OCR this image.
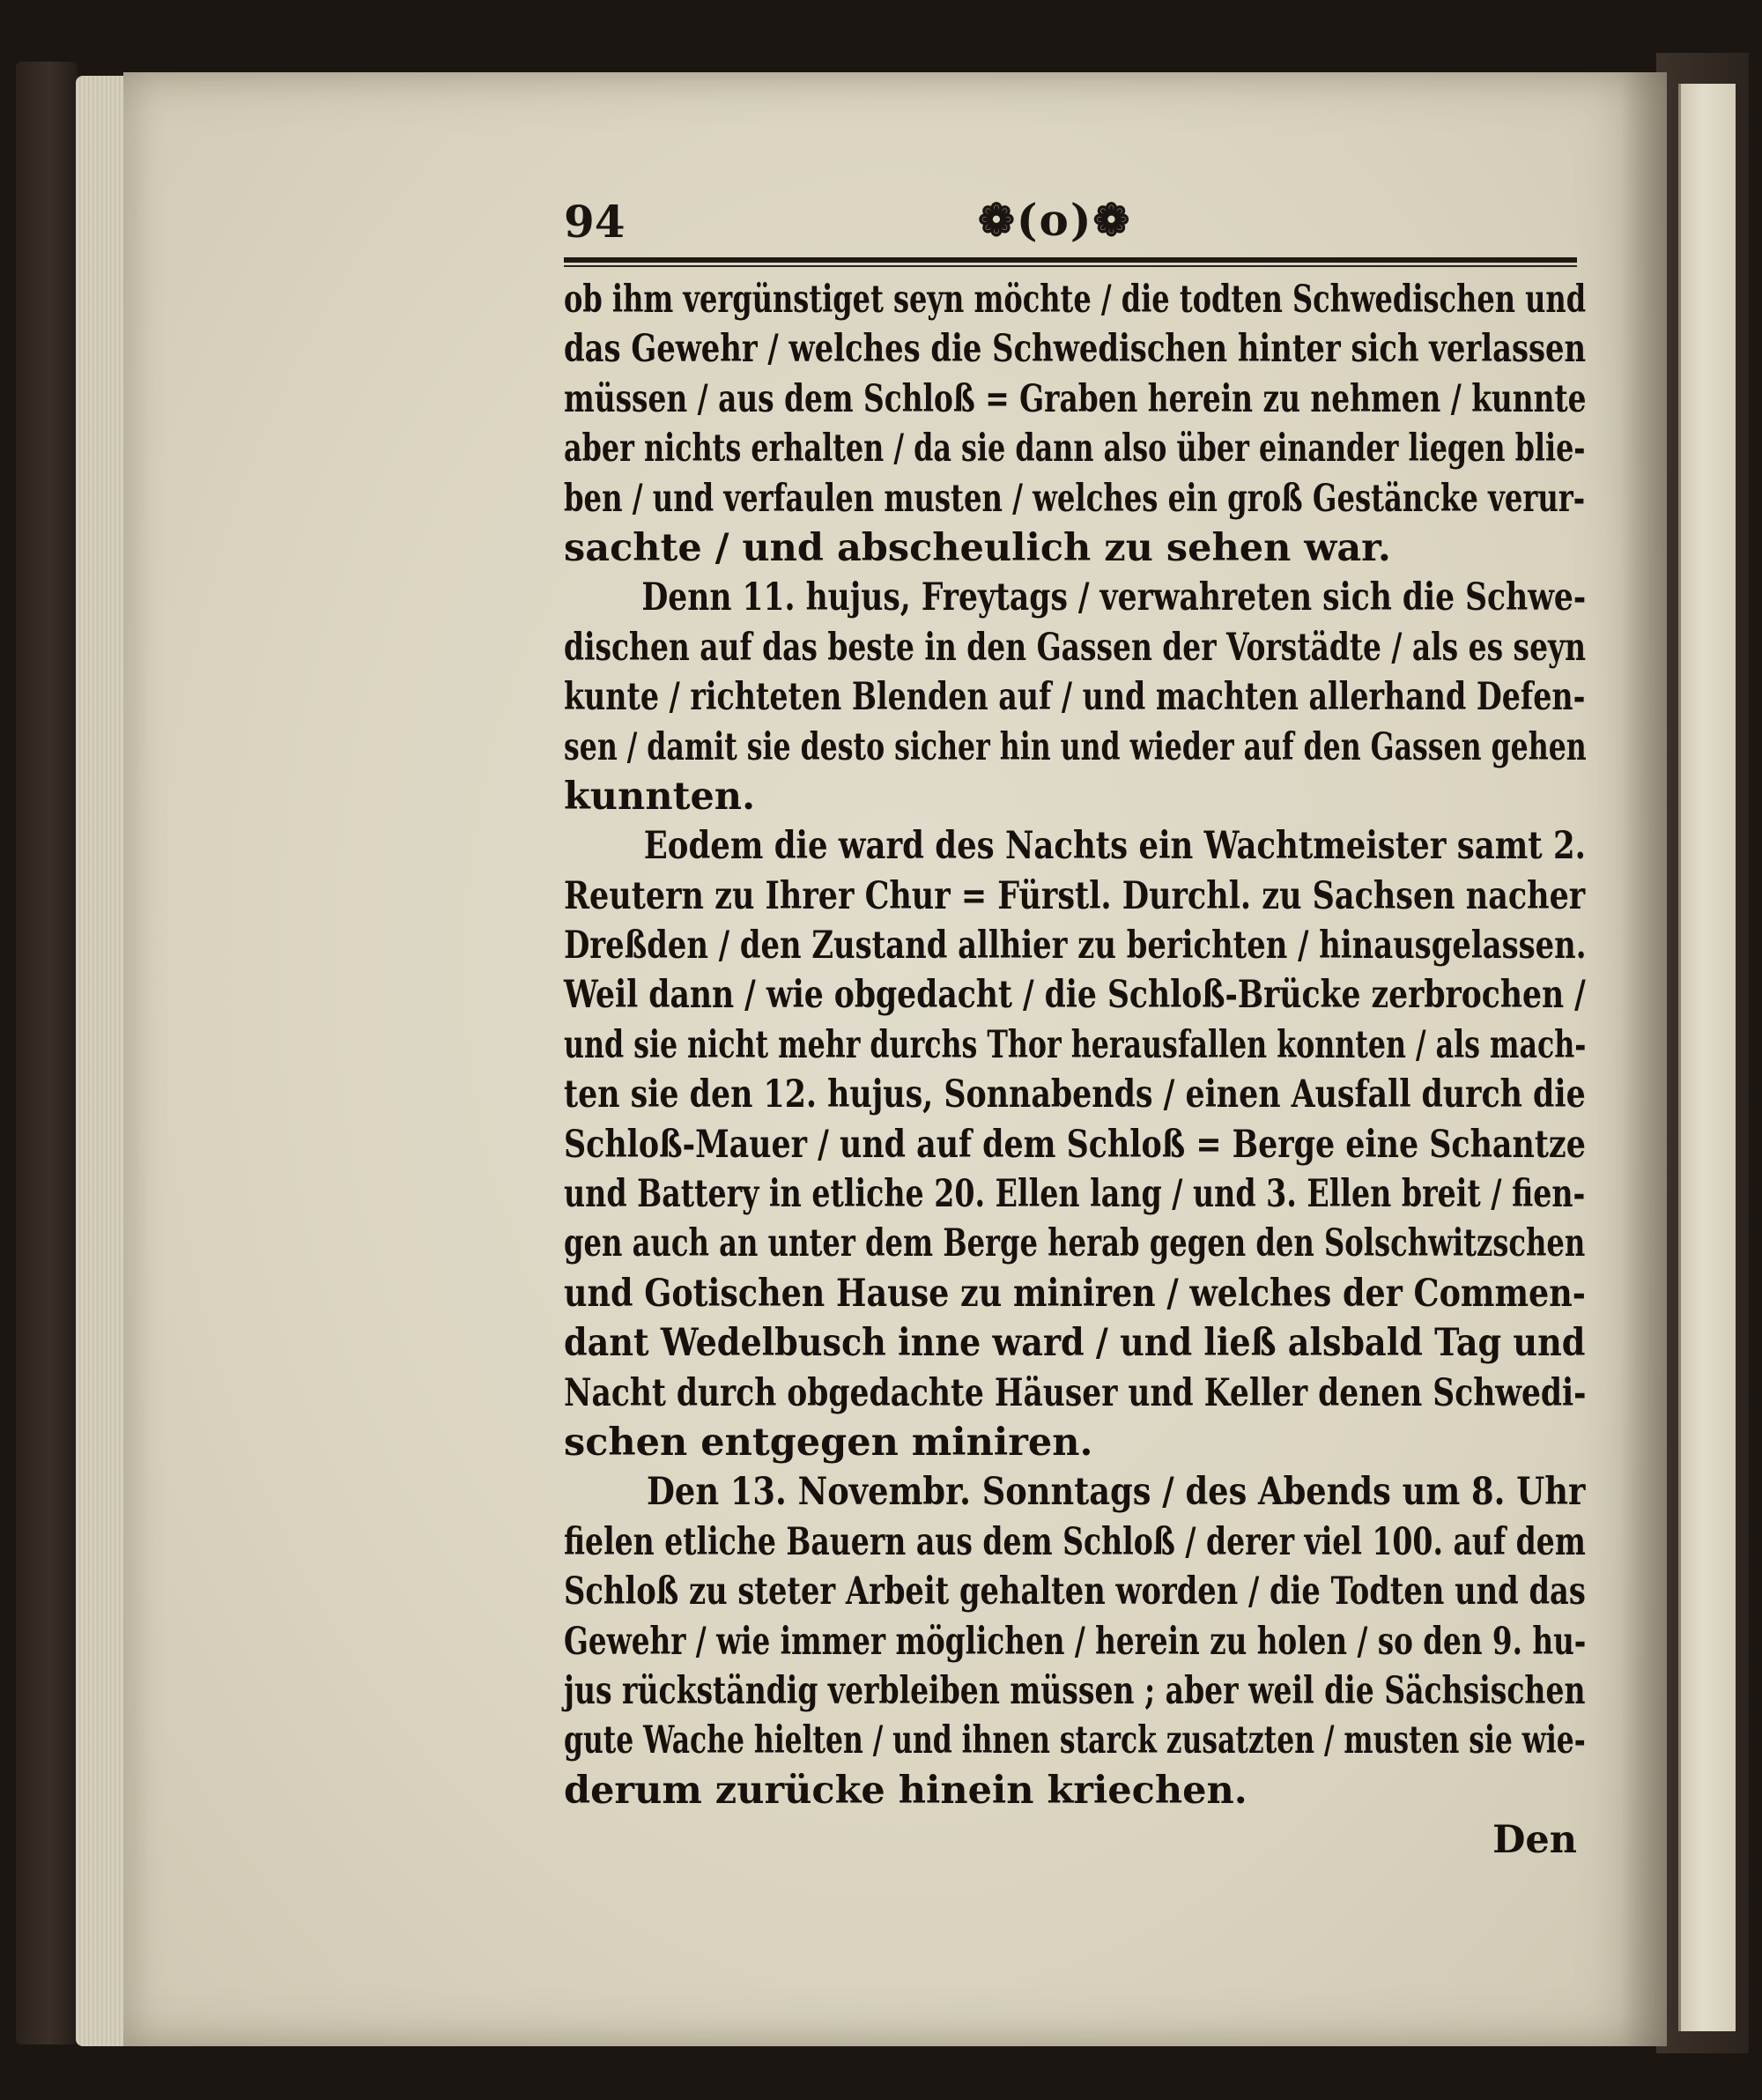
94	❁(o)❁
ob ihm vergünstiget seyn möchte / die todten Schwedischen und
das Gewehr / welches die Schwedischen hinter sich verlassen
müssen / aus dem Schloß = Graben herein zu nehmen / kunnte
aber nichts erhalten / da sie dann also über einander liegen blie-
ben / und verfaulen musten / welches ein groß Gestäncke verur-
sachte / und abscheulich zu sehen war.
Denn 11. hujus, Freytags / verwahreten sich die Schwe-
dischen auf das beste in den Gassen der Vorstädte / als es seyn
kunte / richteten Blenden auf / und machten allerhand Defen-
sen / damit sie desto sicher hin und wieder auf den Gassen gehen
kunnten.
Eodem die ward des Nachts ein Wachtmeister samt 2.
Reutern zu Ihrer Chur = Fürstl. Durchl. zu Sachsen nacher
Dreßden / den Zustand allhier zu berichten / hinausgelassen.
Weil dann / wie obgedacht / die Schloß-Brücke zerbrochen /
und sie nicht mehr durchs Thor herausfallen konnten / als mach-
ten sie den 12. hujus, Sonnabends / einen Ausfall durch die
Schloß-Mauer / und auf dem Schloß = Berge eine Schantze
und Battery in etliche 20. Ellen lang / und 3. Ellen breit / fien-
gen auch an unter dem Berge herab gegen den Solschwitzschen
und Gotischen Hause zu miniren / welches der Commen-
dant Wedelbusch inne ward / und ließ alsbald Tag und
Nacht durch obgedachte Häuser und Keller denen Schwedi-
schen entgegen miniren.
Den 13. Novembr. Sonntags / des Abends um 8. Uhr
fielen etliche Bauern aus dem Schloß / derer viel 100. auf dem
Schloß zu steter Arbeit gehalten worden / die Todten und das
Gewehr / wie immer möglichen / herein zu holen / so den 9. hu-
jus rückständig verbleiben müssen ; aber weil die Sächsischen
gute Wache hielten / und ihnen starck zusatzten / musten sie wie-
derum zurücke hinein kriechen.
Den
